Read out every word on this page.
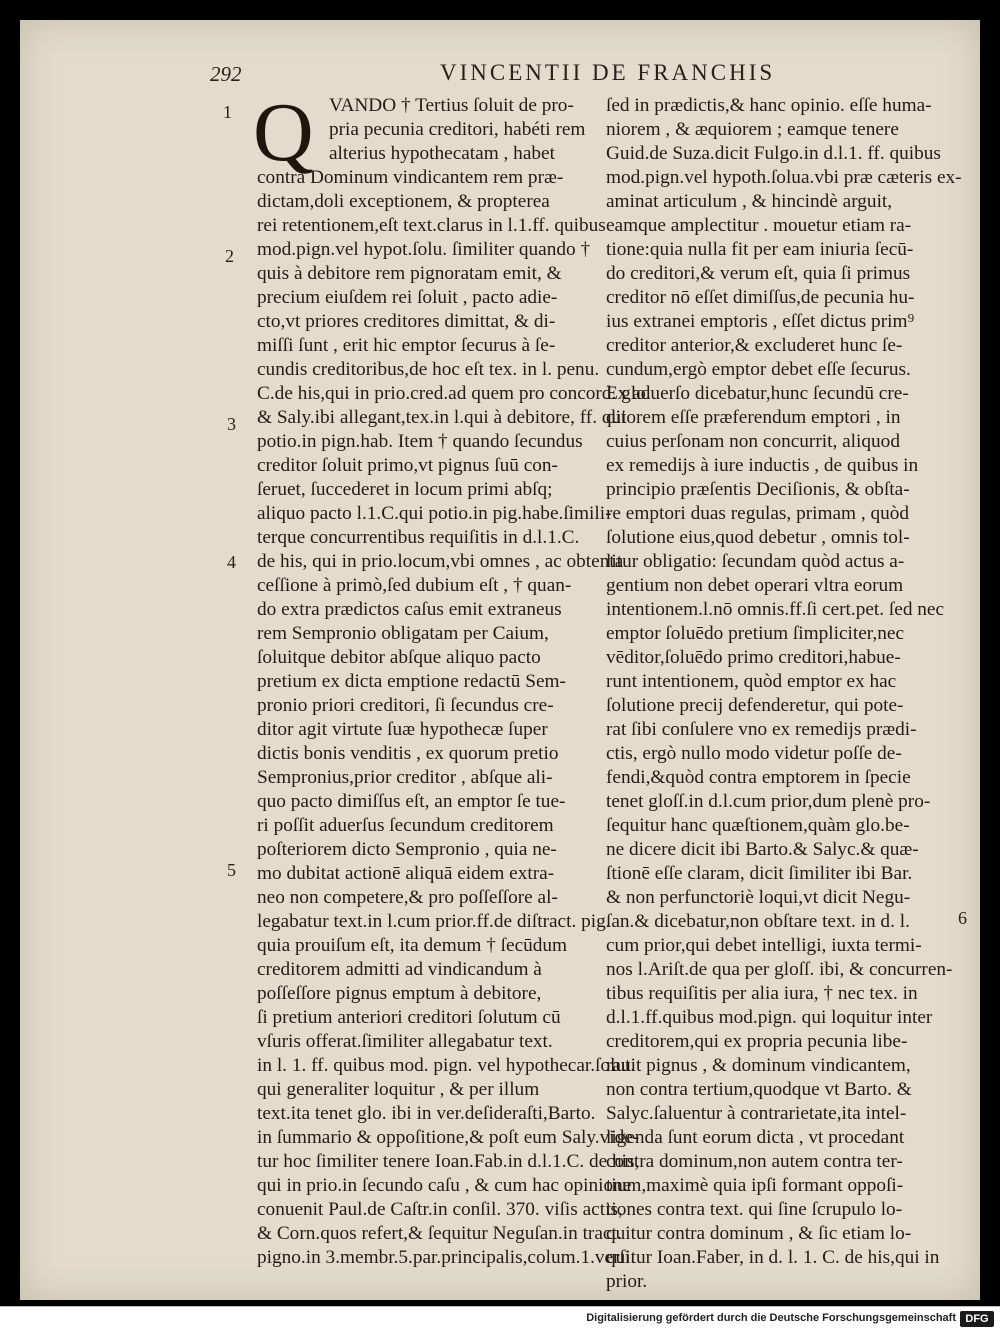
292	VINCENTII DE FRANCHIS
Q VANDO † Tertius ſoluit de pro-
pria pecunia creditori, habéti rem
alterius hypothecatam , habet
contra Dominum vindicantem rem præ-
dictam,doli exceptionem, & propterea
rei retentionem,eſt text.clarus in l.1.ff. quibus
mod.pign.vel hypot.ſolu. ſimiliter quando †
quis à debitore rem pignoratam emit, &
precium eiuſdem rei ſoluit , pacto adie-
cto,vt priores creditores dimittat, & di-
miſſi ſunt , erit hic emptor ſecurus à ſe-
cundis creditoribus,de hoc eſt tex. in l. penu.
C.de his,qui in prio.cred.ad quem pro concord. glo.
& Saly.ibi allegant,tex.in l.qui à debitore, ff. qui
potio.in pign.hab. Item † quando ſecundus
creditor ſoluit primo,vt pignus ſuū con-
ſeruet, ſuccederet in locum primi abſq;
aliquo pacto l.1.C.qui potio.in pig.habe.ſimili-
terque concurrentibus requiſitis in d.l.1.C.
de his, qui in prio.locum,vbi omnes , ac obtenta
ceſſione à primò,ſed dubium eſt , † quan-
do extra prædictos caſus emit extraneus
rem Sempronio obligatam per Caium,
ſoluitque debitor abſque aliquo pacto
pretium ex dicta emptione redactū Sem-
pronio priori creditori, ſi ſecundus cre-
ditor agit virtute ſuæ hypothecæ ſuper
dictis bonis venditis , ex quorum pretio
Sempronius,prior creditor , abſque ali-
quo pacto dimiſſus eſt, an emptor ſe tue-
ri poſſit aduerſus ſecundum creditorem
poſteriorem dicto Sempronio , quia ne-
mo dubitat actionē aliquā eidem extra-
neo non competere,& pro poſſeſſore al-
legabatur text.in l.cum prior.ff.de diſtract. pig.
quia prouiſum eſt, ita demum † ſecūdum
creditorem admitti ad vindicandum à
poſſeſſore pignus emptum à debitore,
ſi pretium anteriori creditori ſolutum cū
vſuris offerat.ſimiliter allegabatur text.
in l. 1. ff. quibus mod. pign. vel hypothecar.ſolut.
qui generaliter loquitur , & per illum
text.ita tenet glo. ibi in ver.deſideraſti,Barto.
in ſummario & oppoſitione,& poſt eum Saly.vide-
tur hoc ſimiliter tenere Ioan.Fab.in d.l.1.C. de his,
qui in prio.in ſecundo caſu , & cum hac opinione
conuenit Paul.de Caſtr.in conſil. 370. viſis actis,
& Corn.quos refert,& ſequitur Neguſan.in tract.
pigno.in 3.membr.5.par.principalis,colum.1.verſi.
ſed in prædictis,& hanc opinio. eſſe huma-
niorem , & æquiorem ; eamque tenere
Guid.de Suza.dicit Fulgo.in d.l.1. ff. quibus
mod.pign.vel hypoth.ſolua.vbi præ cæteris ex-
aminat articulum , & hincindè arguit,
eamque amplectitur . mouetur etiam ra-
tione:quia nulla fit per eam iniuria ſecū-
do creditori,& verum eſt, quia ſi primus
creditor nō eſſet dimiſſus,de pecunia hu-
ius extranei emptoris , eſſet dictus prim⁹
creditor anterior,& excluderet hunc ſe-
cundum,ergò emptor debet eſſe ſecurus.
Ex aduerſo dicebatur,hunc ſecundū cre-
ditorem eſſe præferendum emptori , in
cuius perſonam non concurrit, aliquod
ex remedijs à iure inductis , de quibus in
principio præſentis Deciſionis, & obſta-
re emptori duas regulas, primam , quòd
ſolutione eius,quod debetur , omnis tol-
litur obligatio: ſecundam quòd actus a-
gentium non debet operari vltra eorum
intentionem.l.nō omnis.ff.ſi cert.pet. ſed nec
emptor ſoluēdo pretium ſimpliciter,nec
vēditor,ſoluēdo primo creditori,habue-
runt intentionem, quòd emptor ex hac
ſolutione precij defenderetur, qui pote-
rat ſibi conſulere vno ex remedijs prædi-
ctis, ergò nullo modo videtur poſſe de-
fendi,&quòd contra emptorem in ſpecie
tenet gloſſ.in d.l.cum prior,dum plenè pro-
ſequitur hanc quæſtionem,quàm glo.be-
ne dicere dicit ibi Barto.& Salyc.& quæ-
ſtionē eſſe claram, dicit ſimiliter ibi Bar.
& non perfunctoriè loqui,vt dicit Negu-
ſan.& dicebatur,non obſtare text. in d. l.
cum prior,qui debet intelligi, iuxta termi-
nos l.Ariſt.de qua per gloſſ. ibi, & concurren-
tibus requiſitis per alia iura, † nec tex. in
d.l.1.ff.quibus mod.pign. qui loquitur inter
creditorem,qui ex propria pecunia libe-
rauit pignus , & dominum vindicantem,
non contra tertium,quodque vt Barto. &
Salyc.ſaluentur à contrarietate,ita intel-
ligenda ſunt eorum dicta , vt procedant
contra dominum,non autem contra ter-
tium,maximè quia ipſi formant oppoſi-
tiones contra text. qui ſine ſcrupulo lo-
quitur contra dominum , & ſic etiam lo-
quitur Ioan.Faber, in d. l. 1. C. de his,qui in
prior.
1
2
3
4
5
6
Digitalisierung gefördert durch die Deutsche Forschungsgemeinschaft DFG
